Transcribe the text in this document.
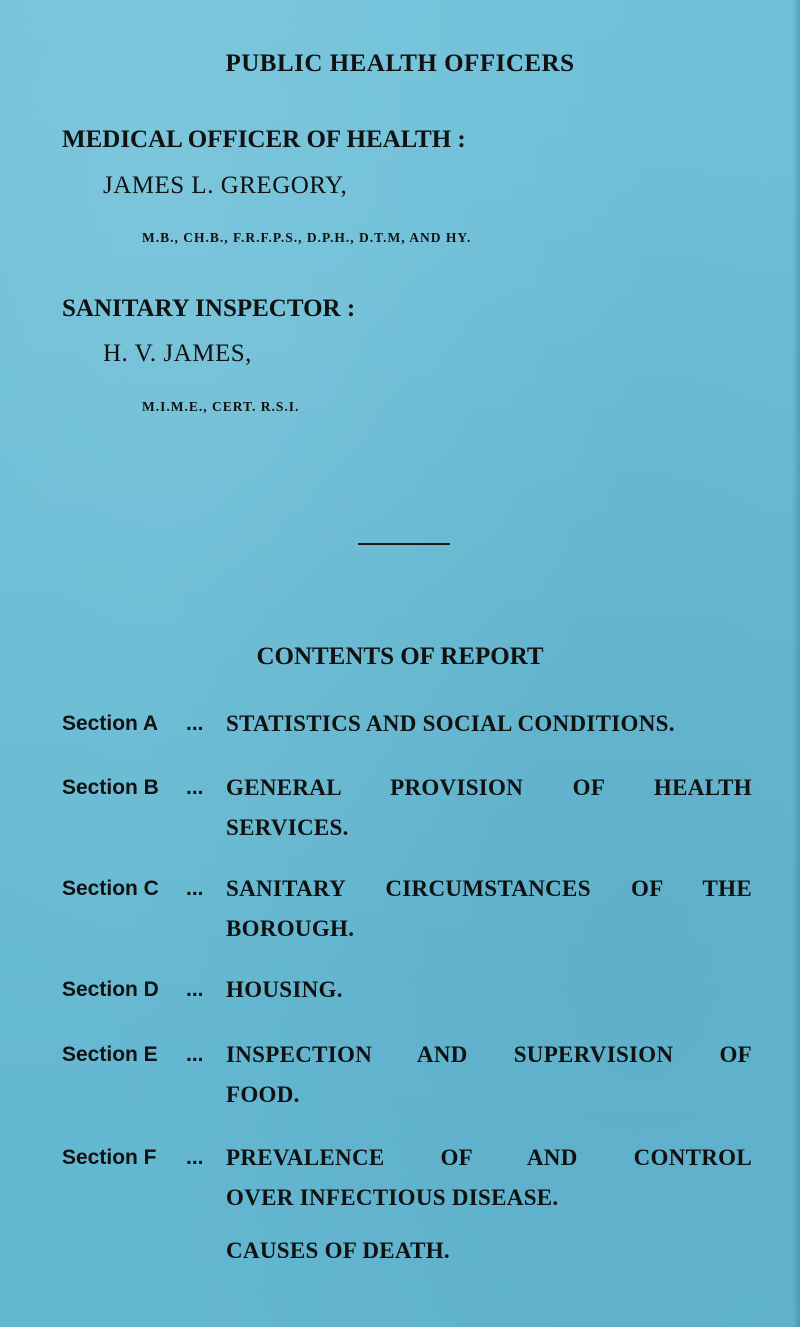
PUBLIC HEALTH OFFICERS

MEDICAL OFFICER OF HEALTH :

JAMES L. GREGORY,

M.B., CH.B., F.R.F.P.S., D.P.H., D.T.M, AND HY.

SANITARY INSPECTOR :

H. V. JAMES,

M.I.M.E., CERT. R.S.I.

CONTENTS OF REPORT
Section A ... STATISTICS AND SOCIAL CONDITIONS.
Section B ... GENERAL PROVISION OF HEALTH
SERVICES.
Section C ... SANITARY CIRCUMSTANCES OF THE
BOROUGH.
Section D ... HOUSING.
Section E ... INSPECTION AND SUPERVISION OF
FOOD.
Section F ... PREVALENCE OF AND CONTROL
OVER INFECTIOUS DISEASE.
CAUSES OF DEATH.
